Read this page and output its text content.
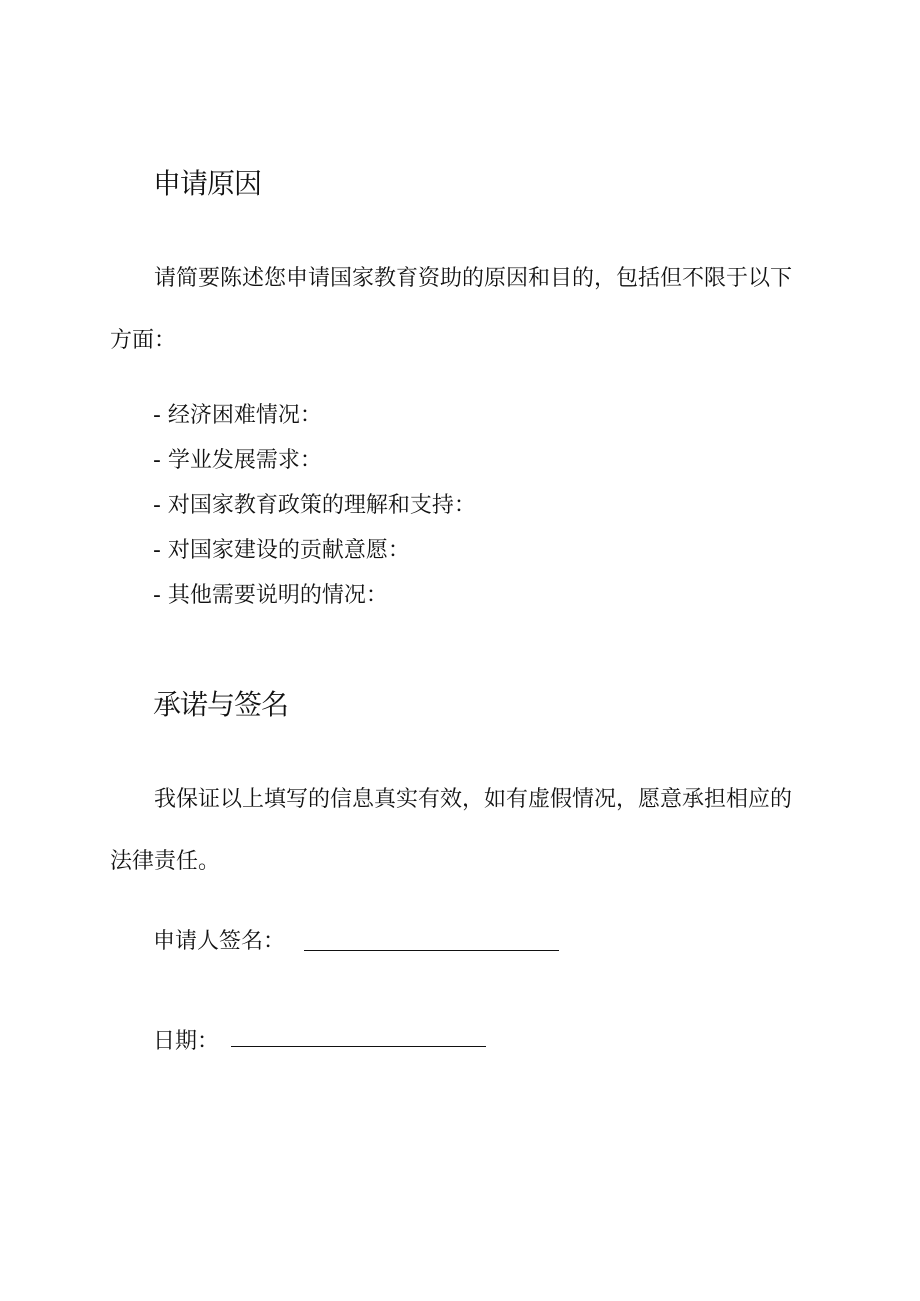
申请原因

请简要陈述您申请国家教育资助的原因和目的，包括但不限于以下方面：

- 经济困难情况：
- 学业发展需求：
- 对国家教育政策的理解和支持：
- 对国家建设的贡献意愿：
- 其他需要说明的情况：
承诺与签名

我保证以上填写的信息真实有效，如有虚假情况，愿意承担相应的法律责任。

申请人签名：
日期：
